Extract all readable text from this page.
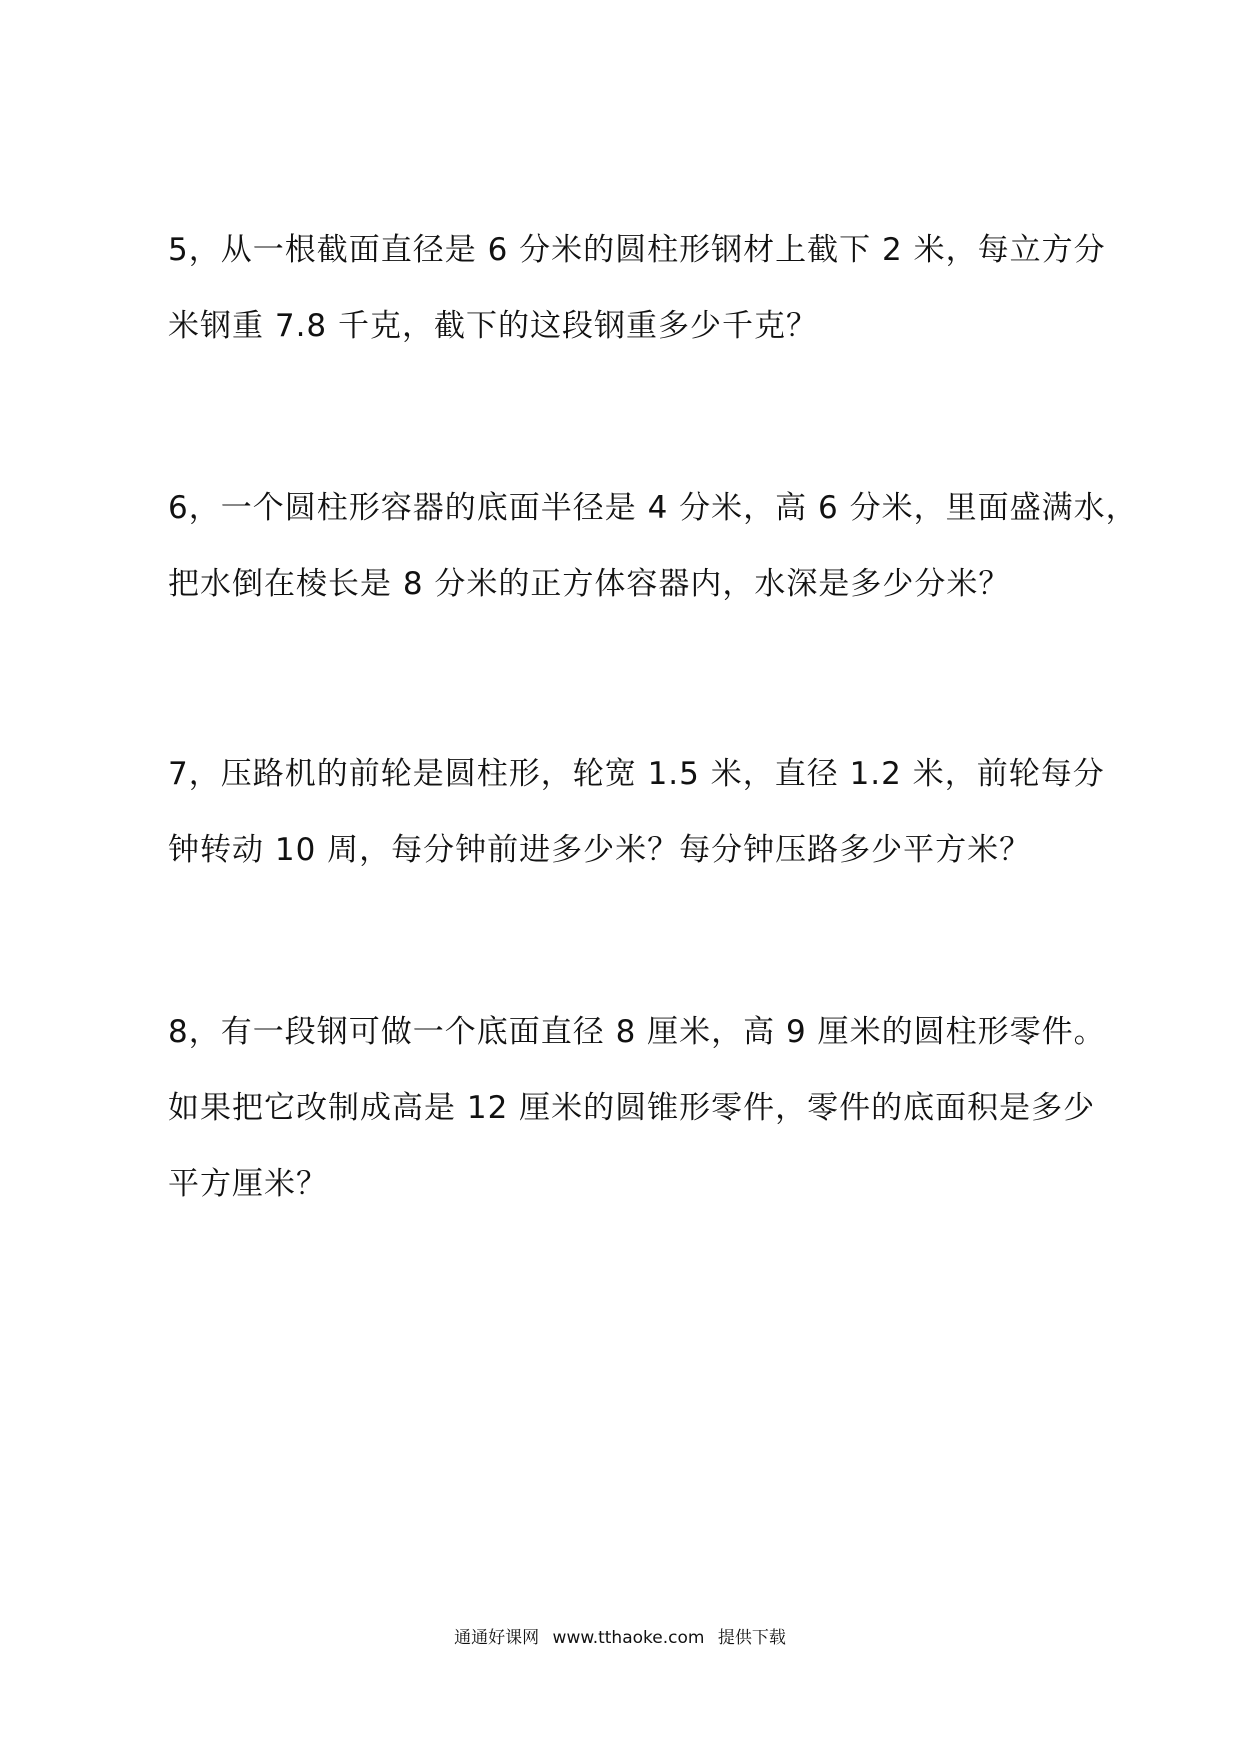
5，从一根截面直径是 6 分米的圆柱形钢材上截下 2 米，每立方分
米钢重 7.8 千克，截下的这段钢重多少千克？
6，一个圆柱形容器的底面半径是 4 分米，高 6 分米，里面盛满水，
把水倒在棱长是 8 分米的正方体容器内，水深是多少分米？
7，压路机的前轮是圆柱形，轮宽 1.5 米，直径 1.2 米，前轮每分
钟转动 10 周，每分钟前进多少米？每分钟压路多少平方米？
8，有一段钢可做一个底面直径 8 厘米，高 9 厘米的圆柱形零件。
如果把它改制成高是 12 厘米的圆锥形零件，零件的底面积是多少
平方厘米？
通通好课网 www.tthaoke.com 提供下载
